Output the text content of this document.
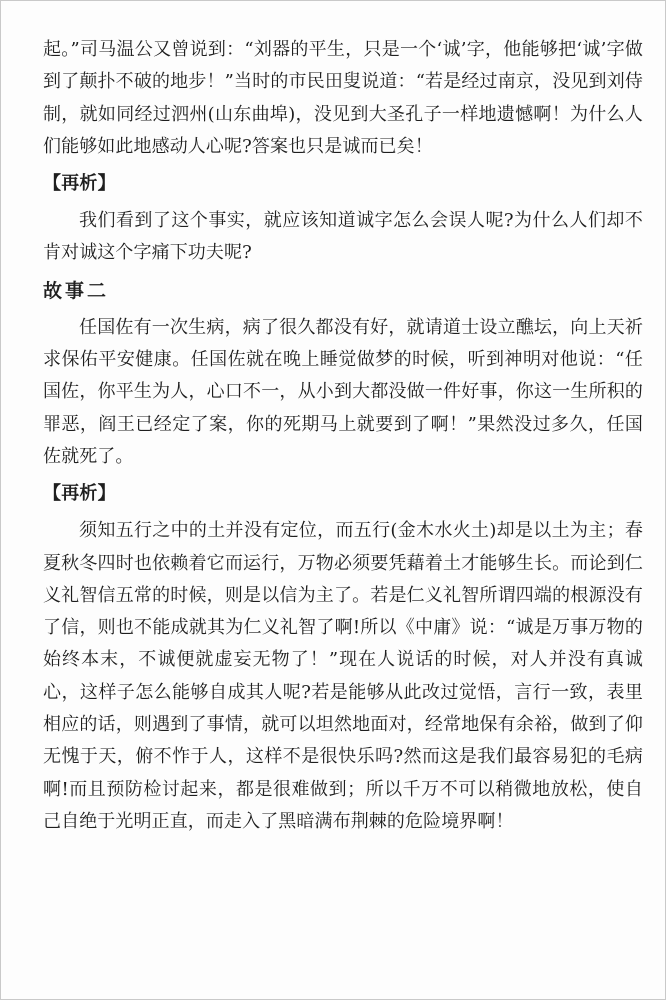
起。”司马温公又曾说到：“刘器的平生，只是一个‘诚’字，他能够把‘诚’字做到了颠扑不破的地步！”当时的市民田叟说道：“若是经过南京，没见到刘侍制，就如同经过泗州(山东曲埠)，没见到大圣孔子一样地遗憾啊！为什么人们能够如此地感动人心呢?答案也只是诚而已矣！

【再析】

我们看到了这个事实，就应该知道诚字怎么会误人呢?为什么人们却不肯对诚这个字痛下功夫呢?

故事二

任国佐有一次生病，病了很久都没有好，就请道士设立醮坛，向上天祈求保佑平安健康。任国佐就在晚上睡觉做梦的时候，听到神明对他说：“任国佐，你平生为人，心口不一，从小到大都没做一件好事，你这一生所积的罪恶，阎王已经定了案，你的死期马上就要到了啊！”果然没过多久，任国佐就死了。

【再析】

须知五行之中的土并没有定位，而五行(金木水火土)却是以土为主；春夏秋冬四时也依赖着它而运行，万物必须要凭藉着土才能够生长。而论到仁义礼智信五常的时候，则是以信为主了。若是仁义礼智所谓四端的根源没有了信，则也不能成就其为仁义礼智了啊!所以《中庸》说：“诚是万事万物的始终本末，不诚便就虚妄无物了！”现在人说话的时候，对人并没有真诚心，这样子怎么能够自成其人呢?若是能够从此改过觉悟，言行一致，表里相应的话，则遇到了事情，就可以坦然地面对，经常地保有余裕，做到了仰无愧于天，俯不怍于人，这样不是很快乐吗?然而这是我们最容易犯的毛病啊!而且预防检讨起来，都是很难做到；所以千万不可以稍微地放松，使自己自绝于光明正直，而走入了黑暗满布荆棘的危险境界啊！
